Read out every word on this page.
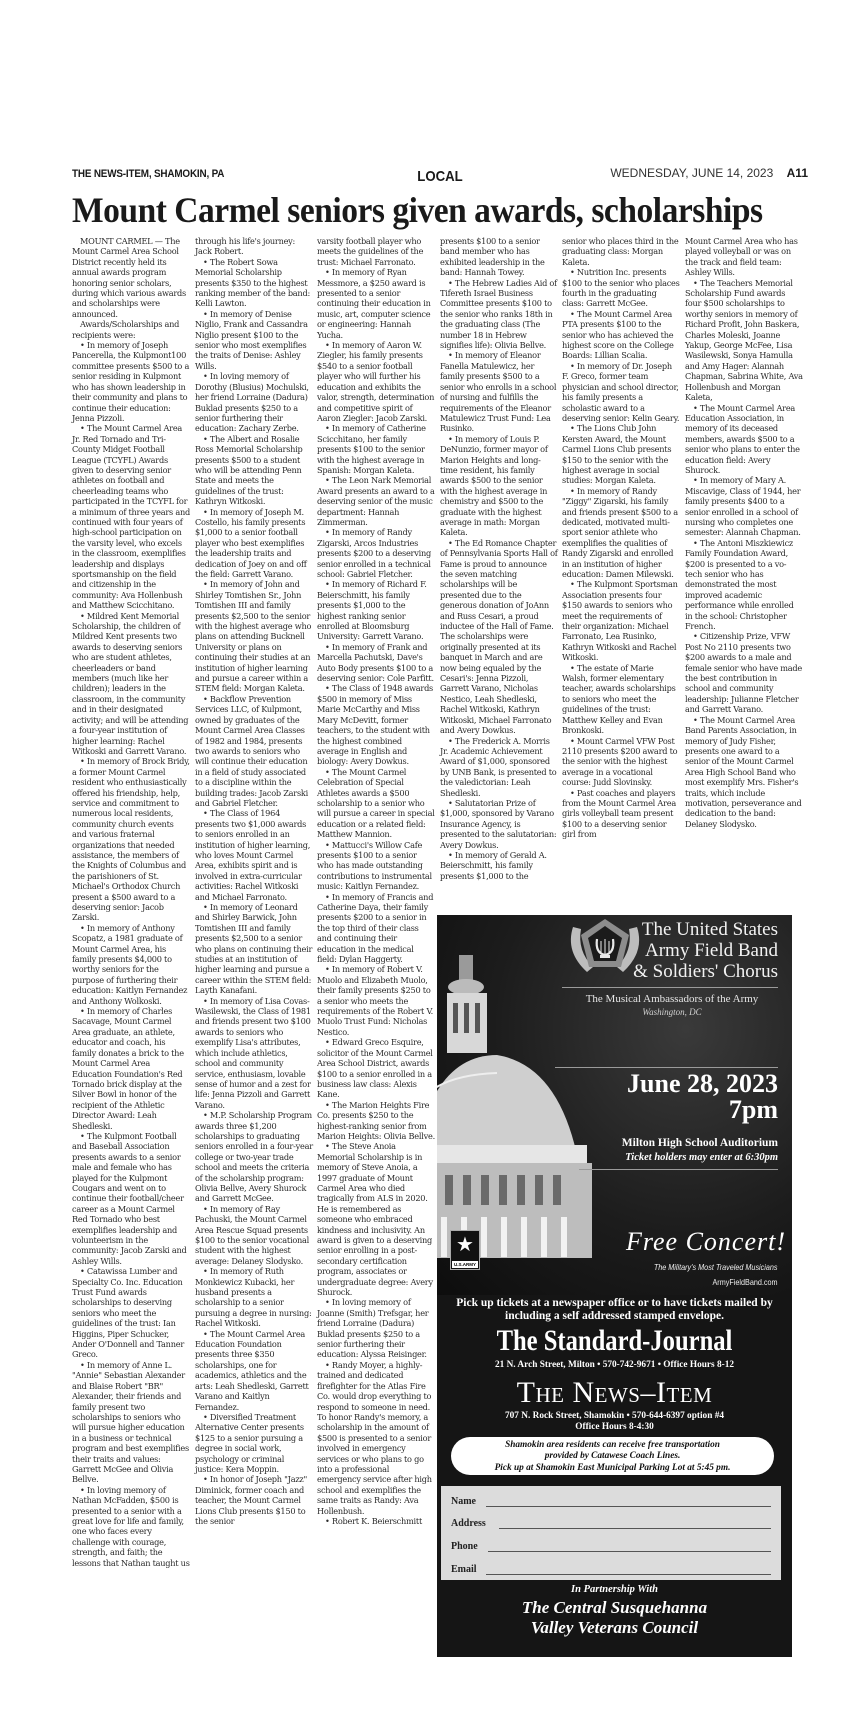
THE NEWS-ITEM, SHAMOKIN, PA	LOCAL	WEDNESDAY, JUNE 14, 2023 A11
Mount Carmel seniors given awards, scholarships

MOUNT CARMEL — The Mount Carmel Area School District recently held its annual awards program honoring senior scholars, during which various awards and scholarships were announced.

Awards/Scholarships and recipients were:

• In memory of Joseph Pancerella, the Kulpmont100 committee presents $500 to a senior residing in Kulpmont who has shown leadership in their community and plans to continue their education: Jenna Pizzoli.

• The Mount Carmel Area Jr. Red Tornado and Tri-County Midget Football League (TCYFL) Awards given to deserving senior athletes on football and cheerleading teams who participated in the TCYFL for a minimum of three years and continued with four years of high-school participation on the varsity level, who excels in the classroom, exemplifies leadership and displays sportsmanship on the field and citizenship in the community: Ava Hollenbush and Matthew Scicchitano.

• Mildred Kent Memorial Scholarship, the children of Mildred Kent presents two awards to deserving seniors who are student athletes, cheerleaders or band members (much like her children); leaders in the classroom, in the community and in their designated activity; and will be attending a four-year institution of higher learning: Rachel Witkoski and Garrett Varano.

• In memory of Brock Bridy, a former Mount Carmel resident who enthusiastically offered his friendship, help, service and commitment to numerous local residents, community church events and various fraternal organizations that needed assistance, the members of the Knights of Columbus and the parishioners of St. Michael's Orthodox Church present a $500 award to a deserving senior: Jacob Zarski.

• In memory of Anthony Scopatz, a 1981 graduate of Mount Carmel Area, his family presents $4,000 to worthy seniors for the purpose of furthering their education: Kaitlyn Fernandez and Anthony Wolkoski.

• In memory of Charles Sacavage, Mount Carmel Area graduate, an athlete, educator and coach, his family donates a brick to the Mount Carmel Area Education Foundation's Red Tornado brick display at the Silver Bowl in honor of the recipient of the Athletic Director Award: Leah Shedleski.

• The Kulpmont Football and Baseball Association presents awards to a senior male and female who has played for the Kulpmont Cougars and went on to continue their football/cheer career as a Mount Carmel Red Tornado who best exemplifies leadership and volunteerism in the community: Jacob Zarski and Ashley Wills.

• Catawissa Lumber and Specialty Co. Inc. Education Trust Fund awards scholarships to deserving seniors who meet the guidelines of the trust: Ian Higgins, Piper Schucker, Ander O'Donnell and Tanner Greco.

• In memory of Anne L. "Annie" Sebastian Alexander and Blaise Robert "BR" Alexander, their friends and family present two scholarships to seniors who will pursue higher education in a business or technical program and best exemplifies their traits and values: Garrett McGee and Olivia Bellve.

• In loving memory of Nathan McFadden, $500 is presented to a senior with a great love for life and family, one who faces every challenge with courage, strength, and faith; the lessons that Nathan taught us

through his life's journey: Jack Robert.

• The Robert Sowa Memorial Scholarship presents $350 to the highest ranking member of the band: Kelli Lawton.

• In memory of Denise Niglio, Frank and Cassandra Niglio present $100 to the senior who most exemplifies the traits of Denise: Ashley Wills.

• In loving memory of Dorothy (Blusius) Mochulski, her friend Lorraine (Dadura) Buklad presents $250 to a senior furthering their education: Zachary Zerbe.

• The Albert and Rosalie Ross Memorial Scholarship presents $500 to a student who will be attending Penn State and meets the guidelines of the trust: Kathryn Witkoski.

• In memory of Joseph M. Costello, his family presents $1,000 to a senior football player who best exemplifies the leadership traits and dedication of Joey on and off the field: Garrett Varano.

• In memory of John and Shirley Tomtishen Sr., John Tomtishen III and family presents $2,500 to the senior with the highest average who plans on attending Bucknell University or plans on continuing their studies at an institution of higher learning and pursue a career within a STEM field: Morgan Kaleta.

• Backflow Prevention Services LLC, of Kulpmont, owned by graduates of the Mount Carmel Area Classes of 1982 and 1984, presents two awards to seniors who will continue their education in a field of study associated to a discipline within the building trades: Jacob Zarski and Gabriel Fletcher.

• The Class of 1964 presents two $1,000 awards to seniors enrolled in an institution of higher learning, who loves Mount Carmel Area, exhibits spirit and is involved in extra-curricular activities: Rachel Witkoski and Michael Farronato.

• In memory of Leonard and Shirley Barwick, John Tomtishen III and family presents $2,500 to a senior who plans on continuing their studies at an institution of higher learning and pursue a career within the STEM field: Layth Kanafani.

• In memory of Lisa Covas-Wasilewski, the Class of 1981 and friends present two $100 awards to seniors who exemplify Lisa's attributes, which include athletics, school and community service, enthusiasm, lovable sense of humor and a zest for life: Jenna Pizzoli and Garrett Varano.

• M.P. Scholarship Program awards three $1,200 scholarships to graduating seniors enrolled in a four-year college or two-year trade school and meets the criteria of the scholarship program: Olivia Bellve, Avery Shurock and Garrett McGee.

• In memory of Ray Pachuski, the Mount Carmel Area Rescue Squad presents $100 to the senior vocational student with the highest average: Delaney Slodysko.

• In memory of Ruth Monkiewicz Kubacki, her husband presents a scholarship to a senior pursuing a degree in nursing: Rachel Witkoski.

• The Mount Carmel Area Education Foundation presents three $350 scholarships, one for academics, athletics and the arts: Leah Shedleski, Garrett Varano and Kaitlyn Fernandez.

• Diversified Treatment Alternative Center presents $125 to a senior pursuing a degree in social work, psychology or criminal justice: Kera Moppin.

• In honor of Joseph "Jazz" Diminick, former coach and teacher, the Mount Carmel Lions Club presents $150 to the senior

varsity football player who meets the guidelines of the trust: Michael Farronato.

• In memory of Ryan Messmore, a $250 award is presented to a senior continuing their education in music, art, computer science or engineering: Hannah Yucha.

• In memory of Aaron W. Ziegler, his family presents $540 to a senior football player who will further his education and exhibits the valor, strength, determination and competitive spirit of Aaron Ziegler: Jacob Zarski.

• In memory of Catherine Scicchitano, her family presents $100 to the senior with the highest average in Spanish: Morgan Kaleta.

• The Leon Nark Memorial Award presents an award to a deserving senior of the music department: Hannah Zimmerman.

• In memory of Randy Zigarski, Arcos Industries presents $200 to a deserving senior enrolled in a technical school: Gabriel Fletcher.

• In memory of Richard F. Beierschmitt, his family presents $1,000 to the highest ranking senior enrolled at Bloomsburg University: Garrett Varano.

• In memory of Frank and Marcella Pachutski, Dave's Auto Body presents $100 to a deserving senior: Cole Parfitt.

• The Class of 1948 awards $500 in memory of Miss Marie McCarthy and Miss Mary McDevitt, former teachers, to the student with the highest combined average in English and biology: Avery Dowkus.

• The Mount Carmel Celebration of Special Athletes awards a $500 scholarship to a senior who will pursue a career in special education or a related field: Matthew Mannion.

• Mattucci's Willow Cafe presents $100 to a senior who has made outstanding contributions to instrumental music: Kaitlyn Fernandez.

• In memory of Francis and Catherine Daya, their family presents $200 to a senior in the top third of their class and continuing their education in the medical field: Dylan Haggerty.

• In memory of Robert V. Muolo and Elizabeth Muolo, their family presents $250 to a senior who meets the requirements of the Robert V. Muolo Trust Fund: Nicholas Nestico.

• Edward Greco Esquire, solicitor of the Mount Carmel Area School District, awards $100 to a senior enrolled in a business law class: Alexis Kane.

• The Marion Heights Fire Co. presents $250 to the highest-ranking senior from Marion Heights: Olivia Bellve.

• The Steve Anoia Memorial Scholarship is in memory of Steve Anoia, a 1997 graduate of Mount Carmel Area who died tragically from ALS in 2020. He is remembered as someone who embraced kindness and inclusivity. An award is given to a deserving senior enrolling in a post-secondary certification program, associates or undergraduate degree: Avery Shurock.

• In loving memory of Joanne (Smith) Trefsgar, her friend Lorraine (Dadura) Buklad presents $250 to a senior furthering their education: Alyssa Reisinger.

• Randy Moyer, a highly-trained and dedicated firefighter for the Atlas Fire Co. would drop everything to respond to someone in need. To honor Randy's memory, a scholarship in the amount of $500 is presented to a senior involved in emergency services or who plans to go into a professional emergency service after high school and exemplifies the same traits as Randy: Ava Hollenbush.

• Robert K. Beierschmitt

presents $100 to a senior band member who has exhibited leadership in the band: Hannah Towey.

• The Hebrew Ladies Aid of Tifereth Israel Business Committee presents $100 to the senior who ranks 18th in the graduating class (The number 18 in Hebrew signifies life): Olivia Bellve.

• In memory of Eleanor Fanella Matulewicz, her family presents $500 to a senior who enrolls in a school of nursing and fulfills the requirements of the Eleanor Matulewicz Trust Fund: Lea Rusinko.

• In memory of Louis P. DeNunzio, former mayor of Marion Heights and long-time resident, his family awards $500 to the senior with the highest average in chemistry and $500 to the graduate with the highest average in math: Morgan Kaleta.

• The Ed Romance Chapter of Pennsylvania Sports Hall of Fame is proud to announce the seven matching scholarships will be presented due to the generous donation of JoAnn and Russ Cesari, a proud inductee of the Hall of Fame. The scholarships were originally presented at its banquet in March and are now being equaled by the Cesari's: Jenna Pizzoli, Garrett Varano, Nicholas Nestico, Leah Shedleski, Rachel Witkoski, Kathryn Witkoski, Michael Farronato and Avery Dowkus.

• The Frederick A. Morris Jr. Academic Achievement Award of $1,000, sponsored by UNB Bank, is presented to the valedictorian: Leah Shedleski.

• Salutatorian Prize of $1,000, sponsored by Varano Insurance Agency, is presented to the salutatorian: Avery Dowkus.

• In memory of Gerald A. Beierschmitt, his family presents $1,000 to the

senior who places third in the graduating class: Morgan Kaleta.

• Nutrition Inc. presents $100 to the senior who places fourth in the graduating class: Garrett McGee.

• The Mount Carmel Area PTA presents $100 to the senior who has achieved the highest score on the College Boards: Lillian Scalia.

• In memory of Dr. Joseph F. Greco, former team physician and school director, his family presents a scholastic award to a deserving senior: Kelin Geary.

• The Lions Club John Kersten Award, the Mount Carmel Lions Club presents $150 to the senior with the highest average in social studies: Morgan Kaleta.

• In memory of Randy "Ziggy" Zigarski, his family and friends present $500 to a dedicated, motivated multi-sport senior athlete who exemplifies the qualities of Randy Zigarski and enrolled in an institution of higher education: Damen Milewski.

• The Kulpmont Sportsman Association presents four $150 awards to seniors who meet the requirements of their organization: Michael Farronato, Lea Rusinko, Kathryn Witkoski and Rachel Witkoski.

• The estate of Marie Walsh, former elementary teacher, awards scholarships to seniors who meet the guidelines of the trust: Matthew Kelley and Evan Bronkoski.

• Mount Carmel VFW Post 2110 presents $200 award to the senior with the highest average in a vocational course: Judd Slovinsky.

• Past coaches and players from the Mount Carmel Area girls volleyball team present $100 to a deserving senior girl from

Mount Carmel Area who has played volleyball or was on the track and field team: Ashley Wills.

• The Teachers Memorial Scholarship Fund awards four $500 scholarships to worthy seniors in memory of Richard Profit, John Baskera, Charles Moleski, Joanne Yakup, George McFee, Lisa Wasilewski, Sonya Hamulla and Amy Hager: Alannah Chapman, Sabrina White, Ava Hollenbush and Morgan Kaleta,

• The Mount Carmel Area Education Association, in memory of its deceased members, awards $500 to a senior who plans to enter the education field: Avery Shurock.

• In memory of Mary A. Miscavige, Class of 1944, her family presents $400 to a senior enrolled in a school of nursing who completes one semester: Alannah Chapman.

• The Antoni Miszkiewicz Family Foundation Award, $200 is presented to a vo-tech senior who has demonstrated the most improved academic performance while enrolled in the school: Christopher French.

• Citizenship Prize, VFW Post No 2110 presents two $200 awards to a male and female senior who have made the best contribution in school and community leadership: Julianne Fletcher and Garrett Varano.

• The Mount Carmel Area Band Parents Association, in memory of Judy Fisher, presents one award to a senior of the Mount Carmel Area High School Band who most exemplify Mrs. Fisher's traits, which include motivation, perseverance and dedication to the band: Delaney Slodysko.

The United States
Army Field Band
& Soldiers' Chorus
The Musical Ambassadors of the Army
Washington, DC
June 28, 2023
7pm
Milton High School Auditorium
Ticket holders may enter at 6:30pm
Free Concert!
The Military's Most Traveled Musicians
ArmyFieldBand.com
★
U.S.ARMY
Pick up tickets at a newspaper office or to have tickets mailed by including a self addressed stamped envelope.
The Standard-Journal
21 N. Arch Street, Milton • 570-742-9671 • Office Hours 8-12
The News–Item
707 N. Rock Street, Shamokin • 570-644-6397 option #4
Office Hours 8-4:30
Shamokin area residents can receive free transportation
provided by Catawese Coach Lines.
Pick up at Shamokin East Municipal Parking Lot at 5:45 pm.
Name
Address
Phone
Email
In Partnership With
The Central Susquehanna
Valley Veterans Council
